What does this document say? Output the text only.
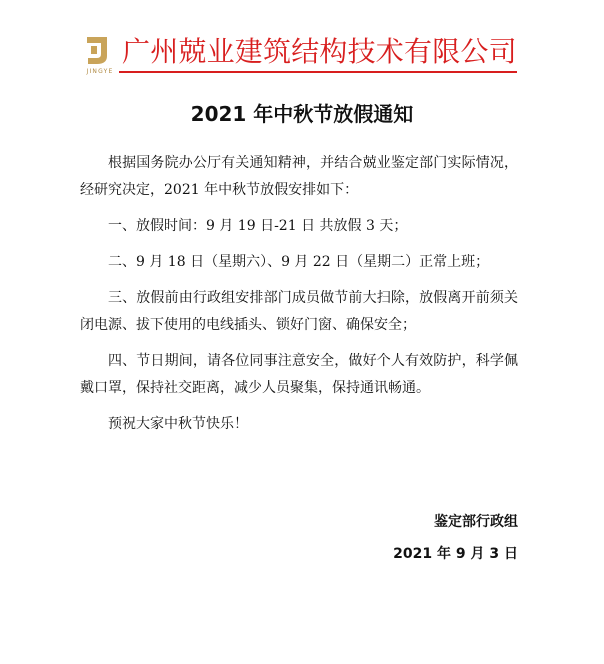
JINGYE
广州兢业建筑结构技术有限公司
2021 年中秋节放假通知

根据国务院办公厅有关通知精神，并结合兢业鉴定部门实际情况，经研究决定，2021 年中秋节放假安排如下：

一、放假时间：9 月 19 日-21 日 共放假 3 天；

二、9 月 18 日（星期六）、9 月 22 日（星期二）正常上班；

三、放假前由行政组安排部门成员做节前大扫除，放假离开前须关闭电源、拔下使用的电线插头、锁好门窗、确保安全；

四、节日期间，请各位同事注意安全，做好个人有效防护，科学佩戴口罩，保持社交距离，减少人员聚集，保持通讯畅通。

预祝大家中秋节快乐！

鉴定部行政组
2021 年 9 月 3 日
